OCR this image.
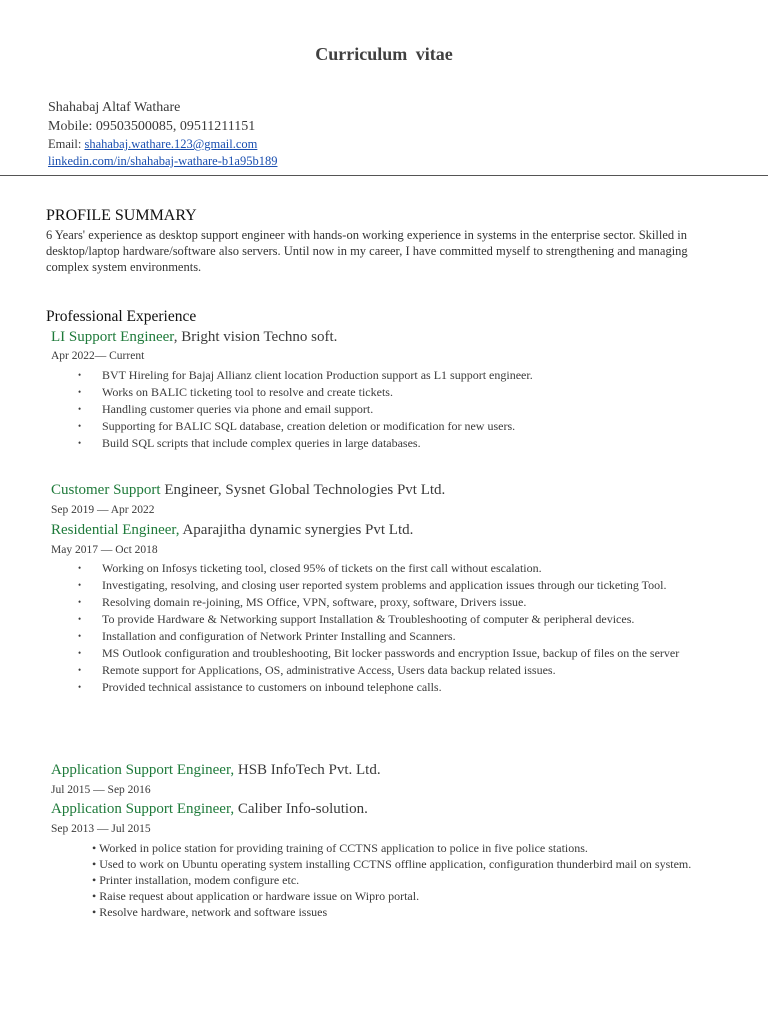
Curriculum vitae
Shahabaj Altaf Wathare
Mobile: 09503500085, 09511211151
Email: shahabaj.wathare.123@gmail.com
linkedin.com/in/shahabaj-wathare-b1a95b189
PROFILE SUMMARY
6 Years' experience as desktop support engineer with hands-on working experience in systems in the enterprise sector. Skilled in desktop/laptop hardware/software also servers. Until now in my career, I have committed myself to strengthening and managing complex system environments.
Professional Experience
LI Support Engineer, Bright vision Techno soft.
Apr 2022— Current
• BVT Hireling for Bajaj Allianz client location Production support as L1 support engineer.
• Works on BALIC ticketing tool to resolve and create tickets.
• Handling customer queries via phone and email support.
• Supporting for BALIC SQL database, creation deletion or modification for new users.
• Build SQL scripts that include complex queries in large databases.
Customer Support Engineer, Sysnet Global Technologies Pvt Ltd.
Sep 2019 — Apr 2022
Residential Engineer, Aparajitha dynamic synergies Pvt Ltd.
May 2017 — Oct 2018
• Working on Infosys ticketing tool, closed 95% of tickets on the first call without escalation.
• Investigating, resolving, and closing user reported system problems and application issues through our ticketing Tool.
• Resolving domain re-joining, MS Office, VPN, software, proxy, software, Drivers issue.
• To provide Hardware & Networking support Installation & Troubleshooting of computer & peripheral devices.
• Installation and configuration of Network Printer Installing and Scanners.
• MS Outlook configuration and troubleshooting, Bit locker passwords and encryption Issue, backup of files on the server
• Remote support for Applications, OS, administrative Access, Users data backup related issues.
• Provided technical assistance to customers on inbound telephone calls.
Application Support Engineer, HSB InfoTech Pvt. Ltd.
Jul 2015 — Sep 2016
Application Support Engineer, Caliber Info-solution.
Sep 2013 — Jul 2015
• Worked in police station for providing training of CCTNS application to police in five police stations.
• Used to work on Ubuntu operating system installing CCTNS offline application, configuration thunderbird mail on system.
• Printer installation, modem configure etc.
• Raise request about application or hardware issue on Wipro portal.
• Resolve hardware, network and software issues
